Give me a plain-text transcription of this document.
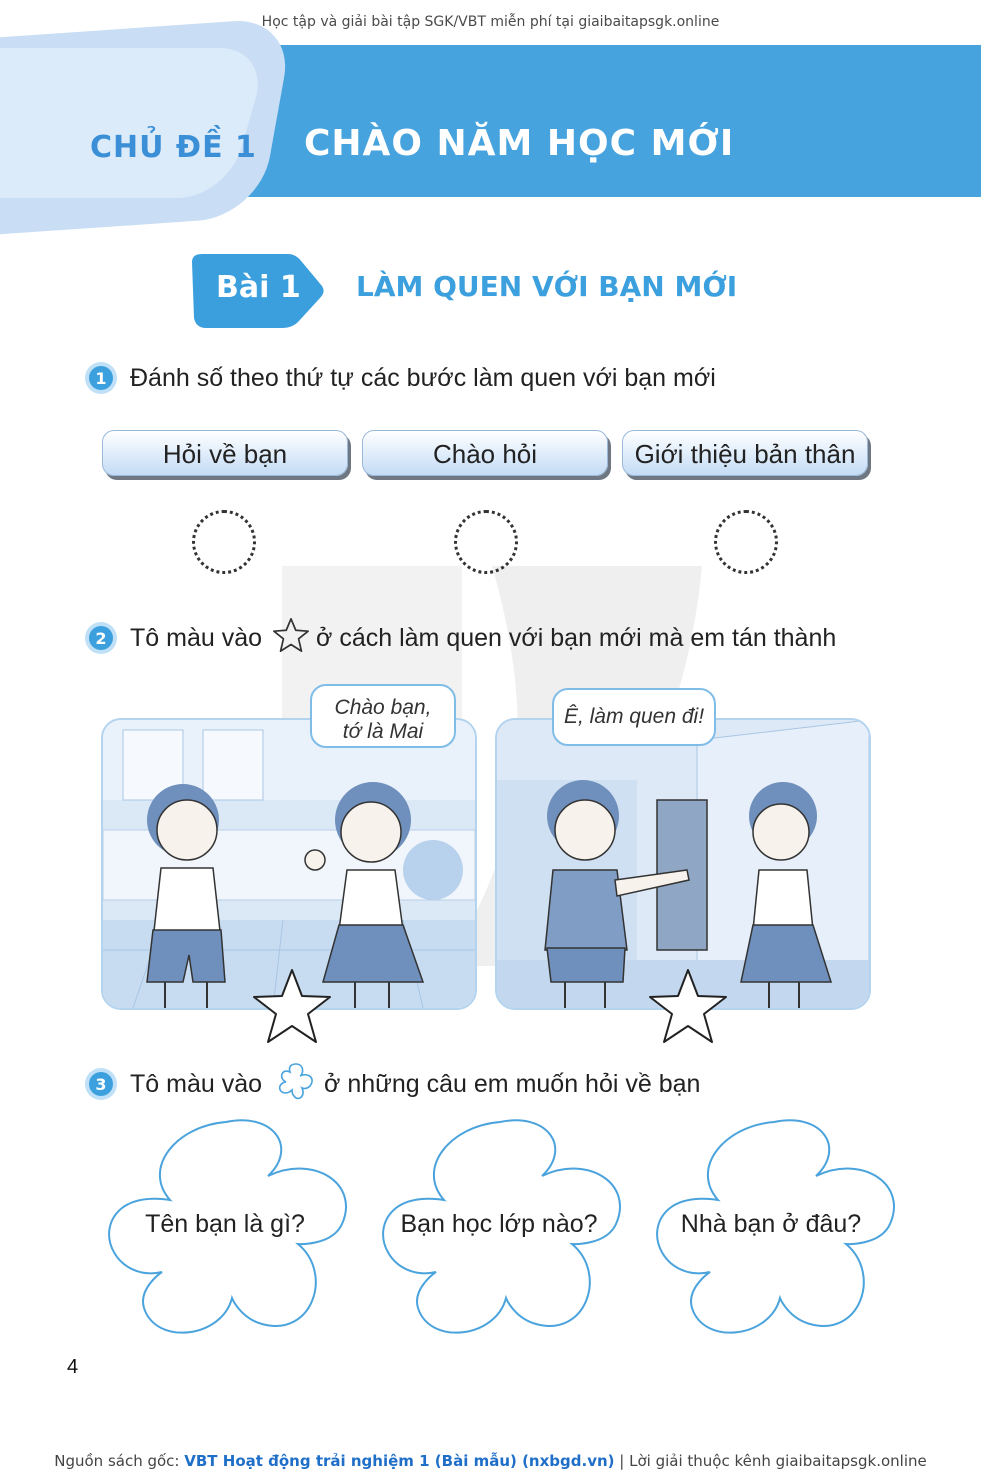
Học tập và giải bài tập SGK/VBT miễn phí tại giaibaitapsgk.online
CHỦ ĐỀ 1 CHÀO NĂM HỌC MỚI
Bài 1 LÀM QUEN VỚI BẠN MỚI
1 Đánh số theo thứ tự các bước làm quen với bạn mới
Hỏi về bạn	Chào hỏi	Giới thiệu bản thân
2 Tô màu vào ở cách làm quen với bạn mới mà em tán thành
Chào bạn,
tớ là Mai
Ê, làm quen đi!
3 Tô màu vào ở những câu em muốn hỏi về bạn
Tên bạn là gì?	Bạn học lớp nào?	Nhà bạn ở đâu?
4
Nguồn sách gốc: VBT Hoạt động trải nghiệm 1 (Bài mẫu) (nxbgd.vn) | Lời giải thuộc kênh giaibaitapsgk.online
